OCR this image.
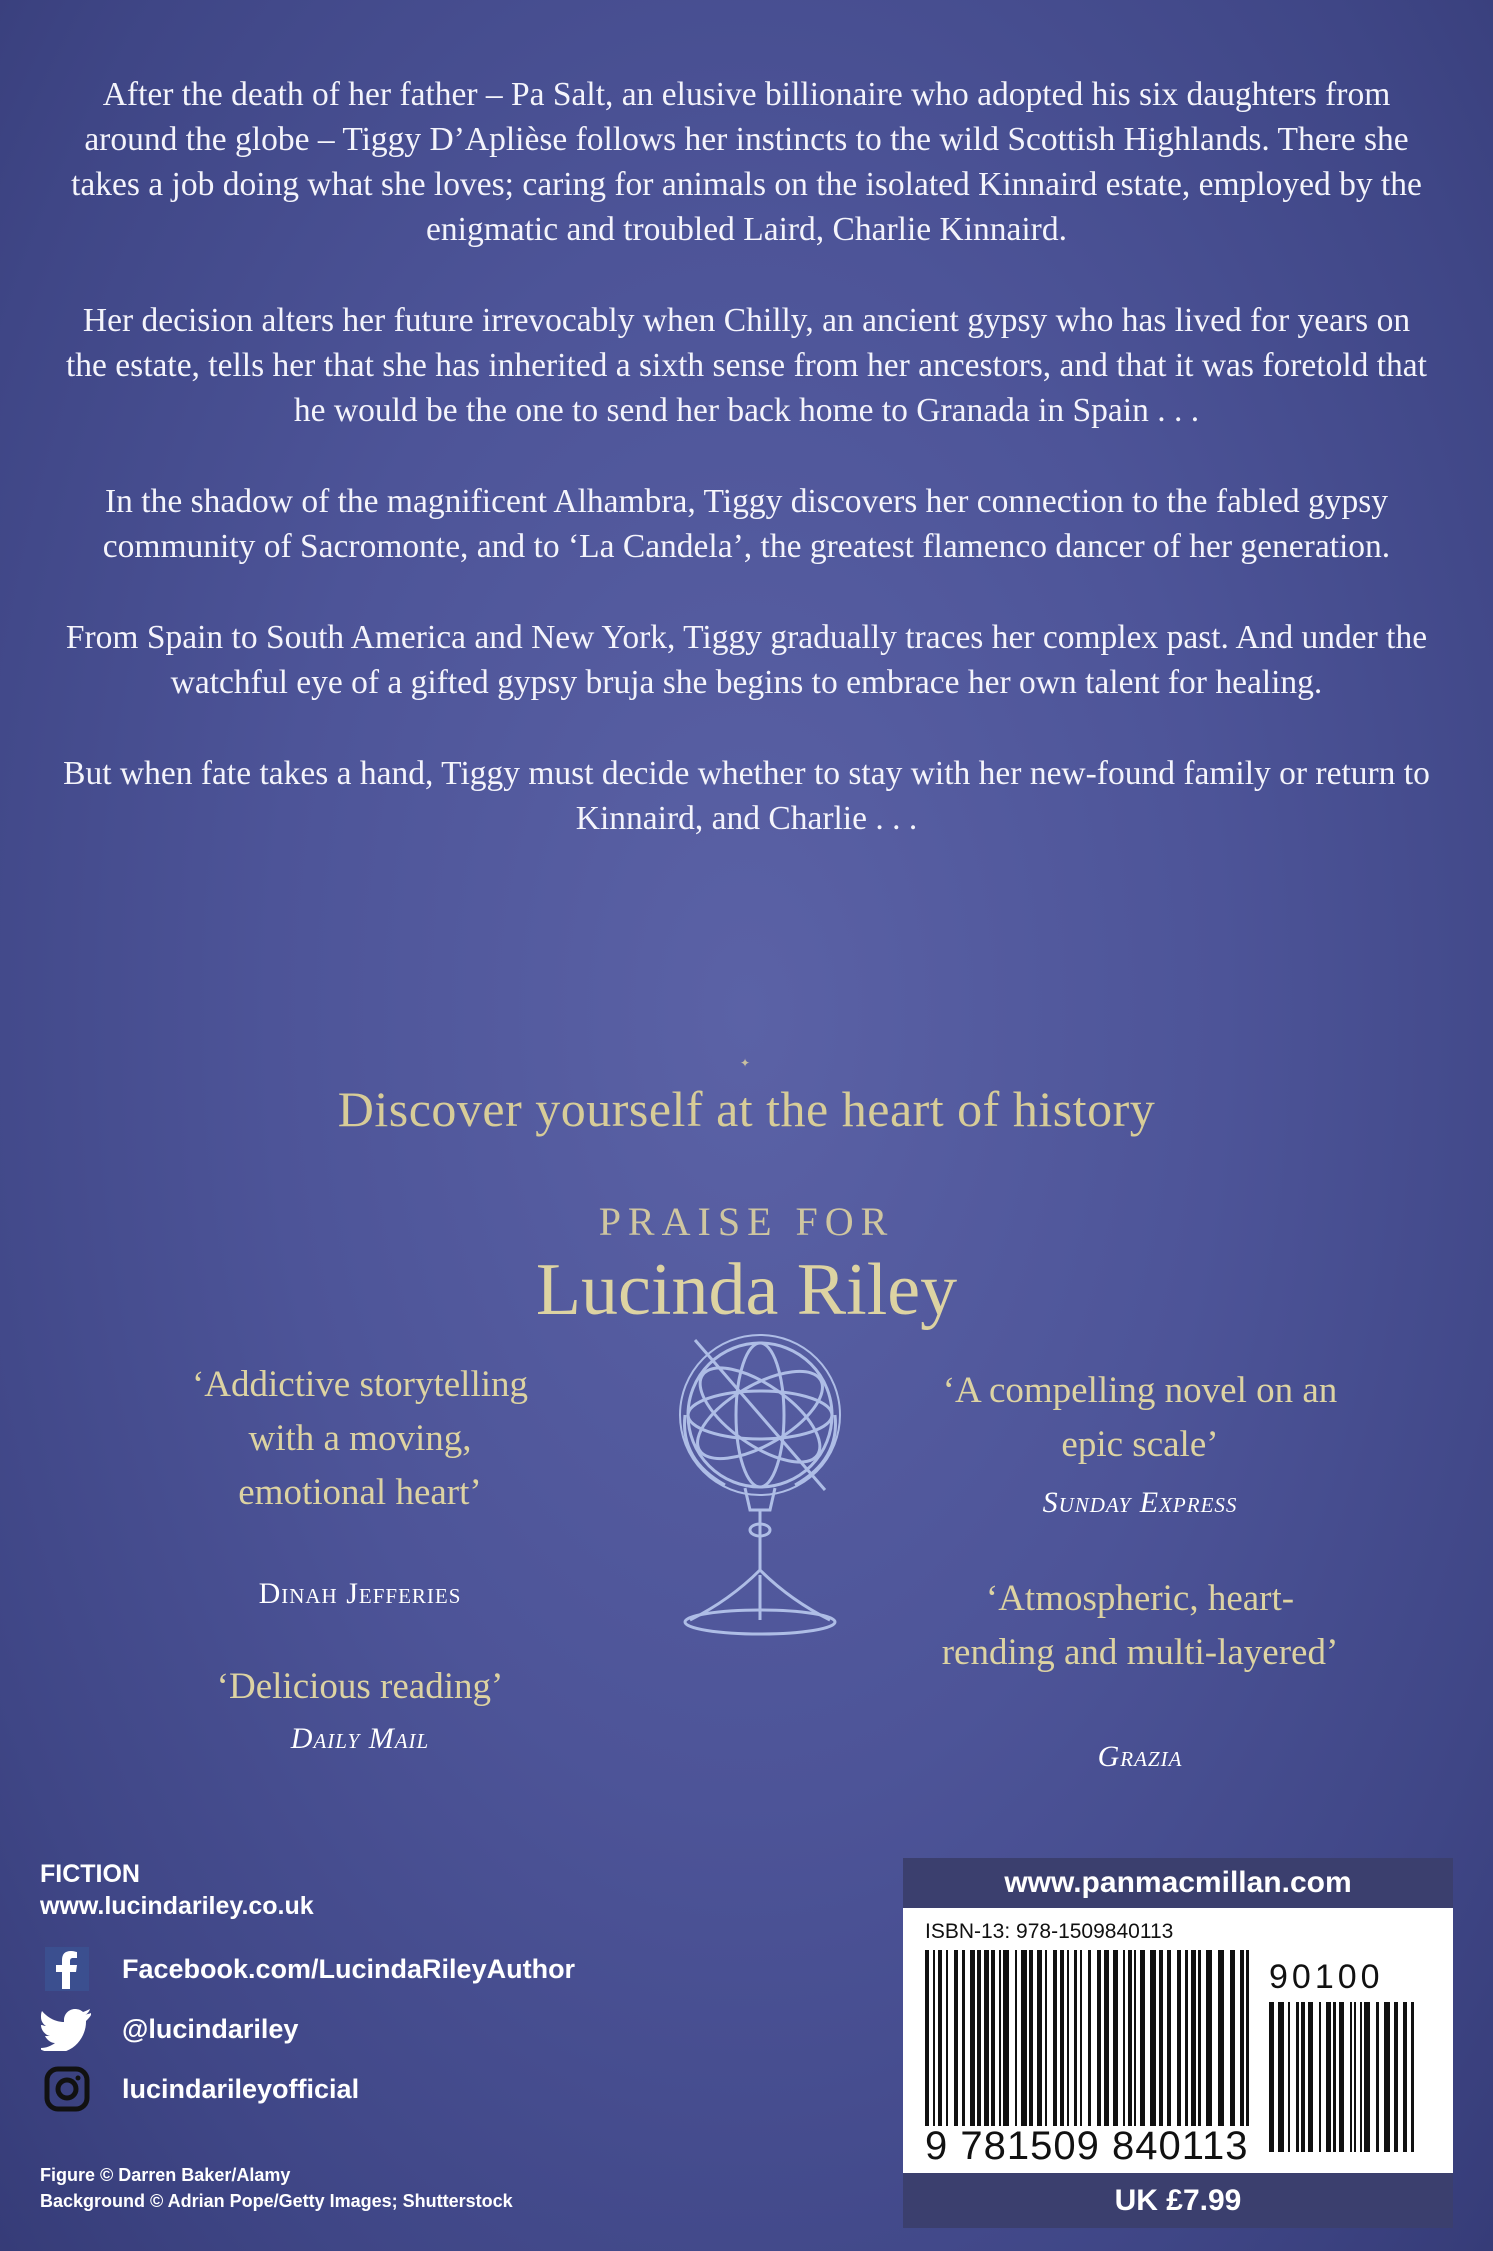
After the death of her father – Pa Salt, an elusive billionaire who adopted his six daughters from around the globe – Tiggy D’Aplièse follows her instincts to the wild Scottish Highlands. There she takes a job doing what she loves; caring for animals on the isolated Kinnaird estate, employed by the enigmatic and troubled Laird, Charlie Kinnaird.

Her decision alters her future irrevocably when Chilly, an ancient gypsy who has lived for years on the estate, tells her that she has inherited a sixth sense from her ancestors, and that it was foretold that he would be the one to send her back home to Granada in Spain . . .

In the shadow of the magnificent Alhambra, Tiggy discovers her connection to the fabled gypsy community of Sacromonte, and to ‘La Candela’, the greatest flamenco dancer of her generation.

From Spain to South America and New York, Tiggy gradually traces her complex past. And under the watchful eye of a gifted gypsy bruja she begins to embrace her own talent for healing.

But when fate takes a hand, Tiggy must decide whether to stay with her new-found family or return to Kinnaird, and Charlie . . .

✦
Discover yourself at the heart of history
PRAISE FOR
Lucinda Riley
‘Addictive storytelling with a moving, emotional heart’
Dinah Jefferies
‘Delicious reading’
Daily Mail
‘A compelling novel on an epic scale’
Sunday Express
‘Atmospheric, heart-rending and multi-layered’
Grazia
FICTION
www.lucindariley.co.uk
Facebook.com/LucindaRileyAuthor
@lucindariley
lucindarileyofficial
Figure © Darren Baker/Alamy
Background © Adrian Pope/Getty Images; Shutterstock
www.panmacmillan.com
ISBN-13: 978-1509840113
90100
9 781509 840113
UK £7.99
